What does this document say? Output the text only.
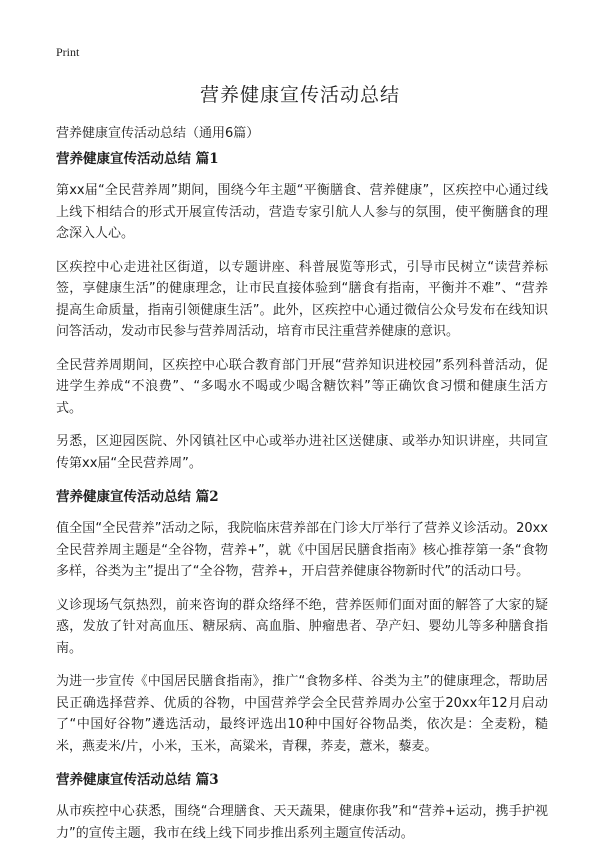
Print
营养健康宣传活动总结

营养健康宣传活动总结（通用6篇）

营养健康宣传活动总结 篇1

第xx届“全民营养周”期间，围绕今年主题“平衡膳食、营养健康”，区疾控中心通过线上线下相结合的形式开展宣传活动，营造专家引航人人参与的氛围，使平衡膳食的理念深入人心。

区疾控中心走进社区街道，以专题讲座、科普展览等形式，引导市民树立“读营养标签，享健康生活”的健康理念，让市民直接体验到“膳食有指南，平衡并不难”、“营养提高生命质量，指南引领健康生活”。此外，区疾控中心通过微信公众号发布在线知识问答活动，发动市民参与营养周活动，培育市民注重营养健康的意识。

全民营养周期间，区疾控中心联合教育部门开展“营养知识进校园”系列科普活动，促进学生养成“不浪费”、“多喝水不喝或少喝含糖饮料”等正确饮食习惯和健康生活方式。

另悉，区迎园医院、外冈镇社区中心或举办进社区送健康、或举办知识讲座，共同宣传第xx届“全民营养周”。

营养健康宣传活动总结 篇2

值全国“全民营养”活动之际，我院临床营养部在门诊大厅举行了营养义诊活动。20xx全民营养周主题是“全谷物，营养+”，就《中国居民膳食指南》核心推荐第一条“食物多样，谷类为主”提出了“全谷物，营养+，开启营养健康谷物新时代”的活动口号。

义诊现场气氛热烈，前来咨询的群众络绎不绝，营养医师们面对面的解答了大家的疑惑，发放了针对高血压、糖尿病、高血脂、肿瘤患者、孕产妇、婴幼儿等多种膳食指南。

为进一步宣传《中国居民膳食指南》，推广“食物多样、谷类为主”的健康理念，帮助居民正确选择营养、优质的谷物，中国营养学会全民营养周办公室于20xx年12月启动了“中国好谷物”遴选活动，最终评选出10种中国好谷物品类，依次是：全麦粉，糙米，燕麦米/片，小米，玉米，高粱米，青稞，荞麦，薏米，藜麦。

营养健康宣传活动总结 篇3

从市疾控中心获悉，围绕“合理膳食、天天蔬果，健康你我”和“营养+运动，携手护视力”的宣传主题，我市在线上线下同步推出系列主题宣传活动。
